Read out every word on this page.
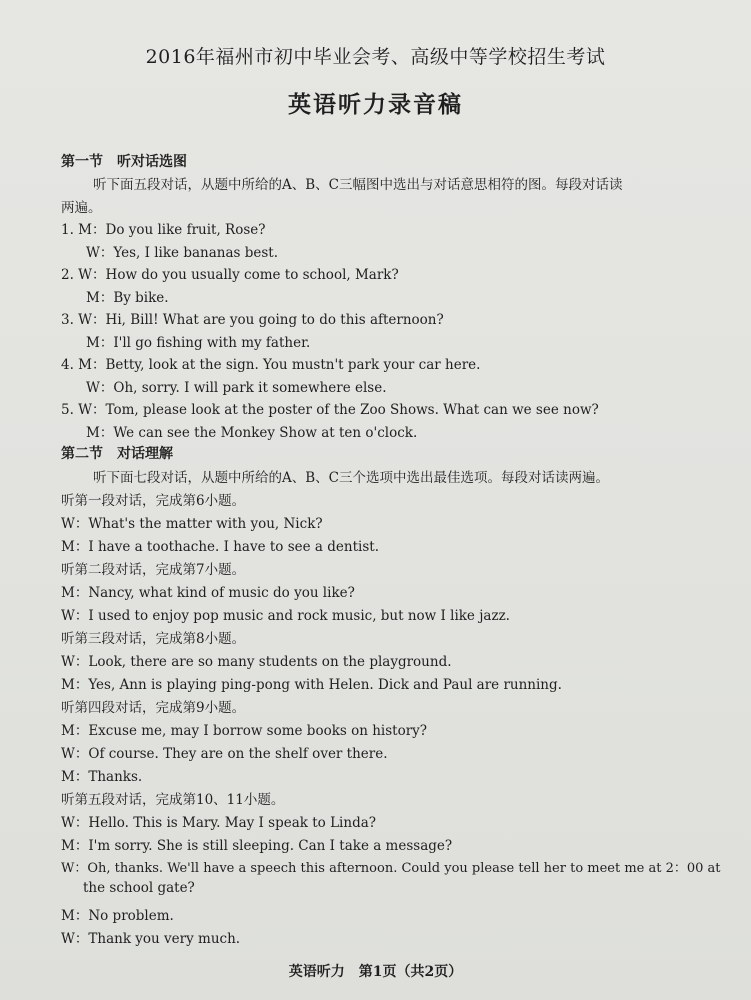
2016年福州市初中毕业会考、高级中等学校招生考试
英语听力录音稿
第一节　听对话选图
听下面五段对话，从题中所给的A、B、C三幅图中选出与对话意思相符的图。每段对话读
两遍。
1. M：Do you like fruit, Rose?
W：Yes, I like bananas best.
2. W：How do you usually come to school, Mark?
M：By bike.
3. W：Hi, Bill! What are you going to do this afternoon?
M：I'll go fishing with my father.
4. M：Betty, look at the sign. You mustn't park your car here.
W：Oh, sorry. I will park it somewhere else.
5. W：Tom, please look at the poster of the Zoo Shows. What can we see now?
M：We can see the Monkey Show at ten o'clock.
第二节　对话理解
听下面七段对话，从题中所给的A、B、C三个选项中选出最佳选项。每段对话读两遍。
听第一段对话，完成第6小题。
W：What's the matter with you, Nick?
M：I have a toothache. I have to see a dentist.
听第二段对话，完成第7小题。
M：Nancy, what kind of music do you like?
W：I used to enjoy pop music and rock music, but now I like jazz.
听第三段对话，完成第8小题。
W：Look, there are so many students on the playground.
M：Yes, Ann is playing ping-pong with Helen. Dick and Paul are running.
听第四段对话，完成第9小题。
M：Excuse me, may I borrow some books on history?
W：Of course. They are on the shelf over there.
M：Thanks.
听第五段对话，完成第10、11小题。
W：Hello. This is Mary. May I speak to Linda?
M：I'm sorry. She is still sleeping. Can I take a message?
W：Oh, thanks. We'll have a speech this afternoon. Could you please tell her to meet me at 2：00 at
the school gate?
M：No problem.
W：Thank you very much.
英语听力　第1页（共2页）
